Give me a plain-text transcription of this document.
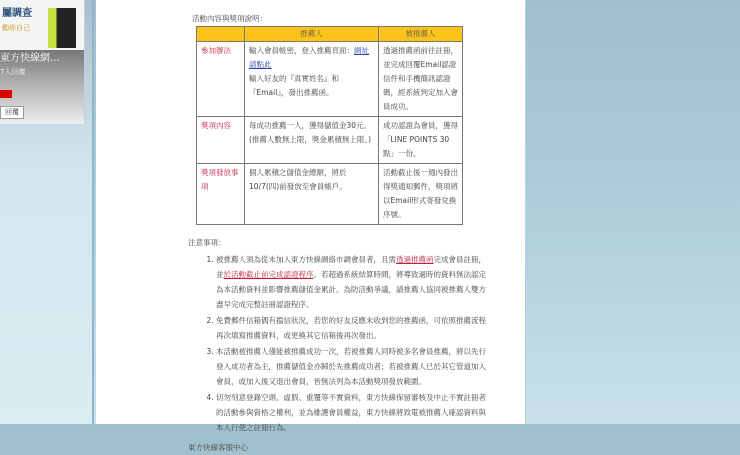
屬調查
動你自己
東方快線網...
7人回覆
回覆
活動內容與獎項說明：
	推薦人	被推薦人
參加辦法	輸入會員帳密，登入推薦頁面：網址請點此
輸入好友的『真實姓名』和『Email』，發出推薦函。	透過推薦函前往註冊，並完成回覆Email認證信件和手機簡訊認證碼，經系統判定加入會員成功。
獎項內容	每成功推薦一人，獲得儲值金30元。(推薦人數無上限，獎金累積無上限。)	成功認證為會員，獲得「LINE POINTS 30點」一份。
獎項發放事項	個人累積之儲值金總額，將於10/7(四)前發放至會員帳戶。	活動截止後一週內發出得獎通知郵件，獎項將以Email形式寄發兌換序號。
注意事項：
1. 被推薦人須為從未加入東方快線網絡市調會員者，且需透過推薦函完成會員註冊，並於活動截止前完成認證程序。若超過系統結算時間，將導致過時的資料無法認定為本活動資料並影響推薦儲值金累計。為防活動爭議，請推薦人協同被推薦人雙方盡早完成完整註冊認證程序。
2. 免費郵件信箱偶有擋信狀況，若您的好友反應未收到您的推薦函，可依照推薦流程再次填寫推薦資料，或更換其它信箱後再次發出。
3. 本活動被推薦人僅能被推薦成功一次，若被推薦人同時被多名會員推薦，將以先行登入成功者為主，推薦儲值金亦歸於先推薦成功者；若被推薦人已於其它管道加入會員，或加入後又退出會員，皆無法列為本活動獎項發放範圍。
4. 切勿刻意登錄空頭、虛假、重覆等不實資料，東方快線保留審核及中止不實註冊者的活動參與資格之權利，並為維護會員權益，東方快線將致電被推薦人確認資料與本人行使之註冊行為。
東方快線客服中心
